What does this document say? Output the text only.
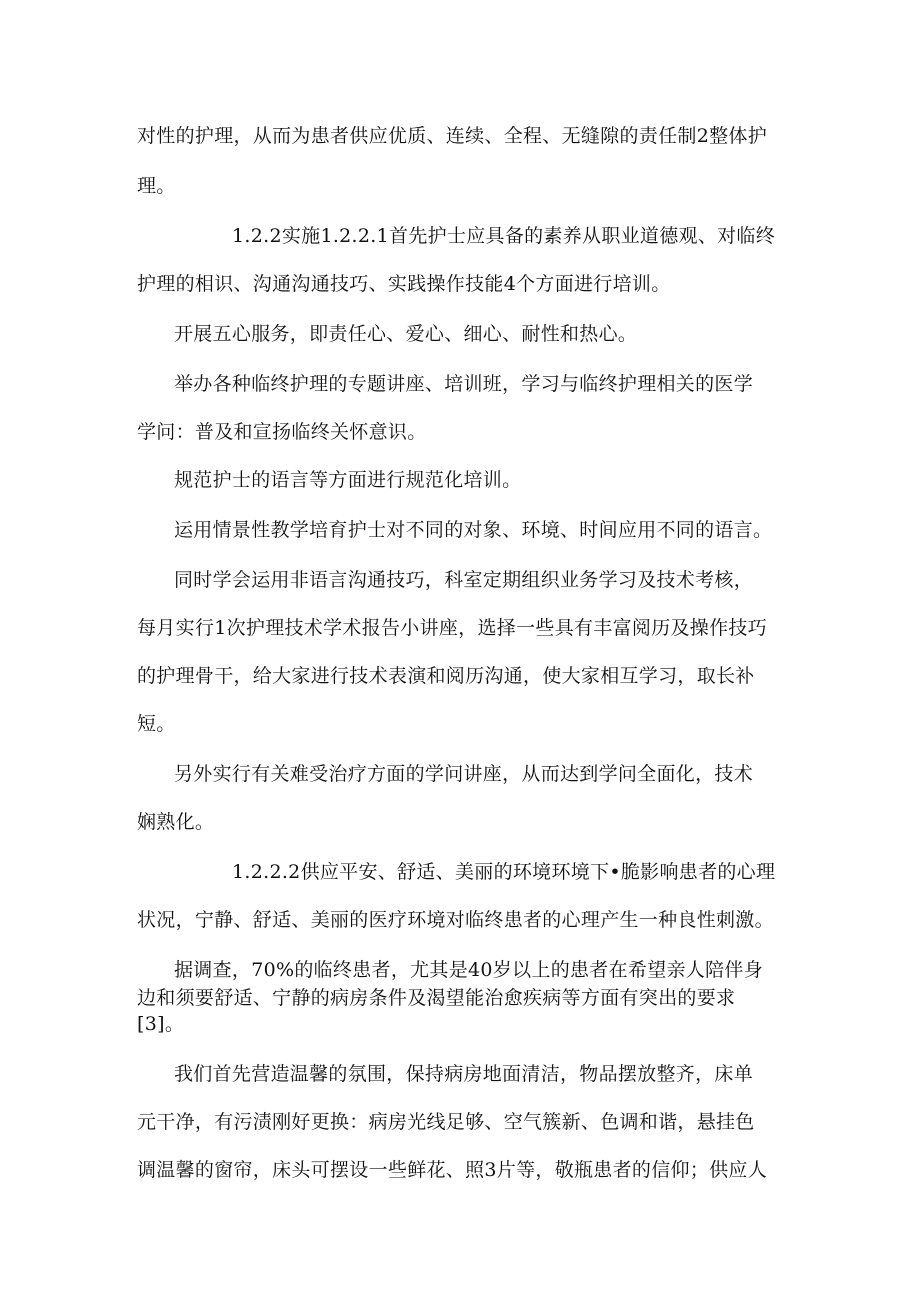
对性的护理，从而为患者供应优质、连续、全程、无缝隙的责任制2整体护
理。
1.2.2实施1.2.2.1首先护士应具备的素养从职业道德观、对临终
护理的相识、沟通沟通技巧、实践操作技能4个方面进行培训。
开展五心服务，即责任心、爱心、细心、耐性和热心。
举办各种临终护理的专题讲座、培训班，学习与临终护理相关的医学
学问：普及和宣扬临终关怀意识。
规范护士的语言等方面进行规范化培训。
运用情景性教学培育护士对不同的对象、环境、时间应用不同的语言。
同时学会运用非语言沟通技巧，科室定期组织业务学习及技术考核，
每月实行1次护理技术学术报告小讲座，选择一些具有丰富阅历及操作技巧
的护理骨干，给大家进行技术表演和阅历沟通，使大家相互学习，取长补
短。
另外实行有关难受治疗方面的学问讲座，从而达到学问全面化，技术
娴熟化。
1.2.2.2供应平安、舒适、美丽的环境环境下•脆影响患者的心理
状况，宁静、舒适、美丽的医疗环境对临终患者的心理产生一种良性刺激。
据调查，70%的临终患者，尤其是40岁以上的患者在希望亲人陪伴身
边和须要舒适、宁静的病房条件及渴望能治愈疾病等方面有突出的要求
[3]。
我们首先营造温馨的氛围，保持病房地面清洁，物品摆放整齐，床单
元干净，有污渍刚好更换：病房光线足够、空气簇新、色调和谐，悬挂色
调温馨的窗帘，床头可摆设一些鲜花、照3片等，敬瓶患者的信仰；供应人
